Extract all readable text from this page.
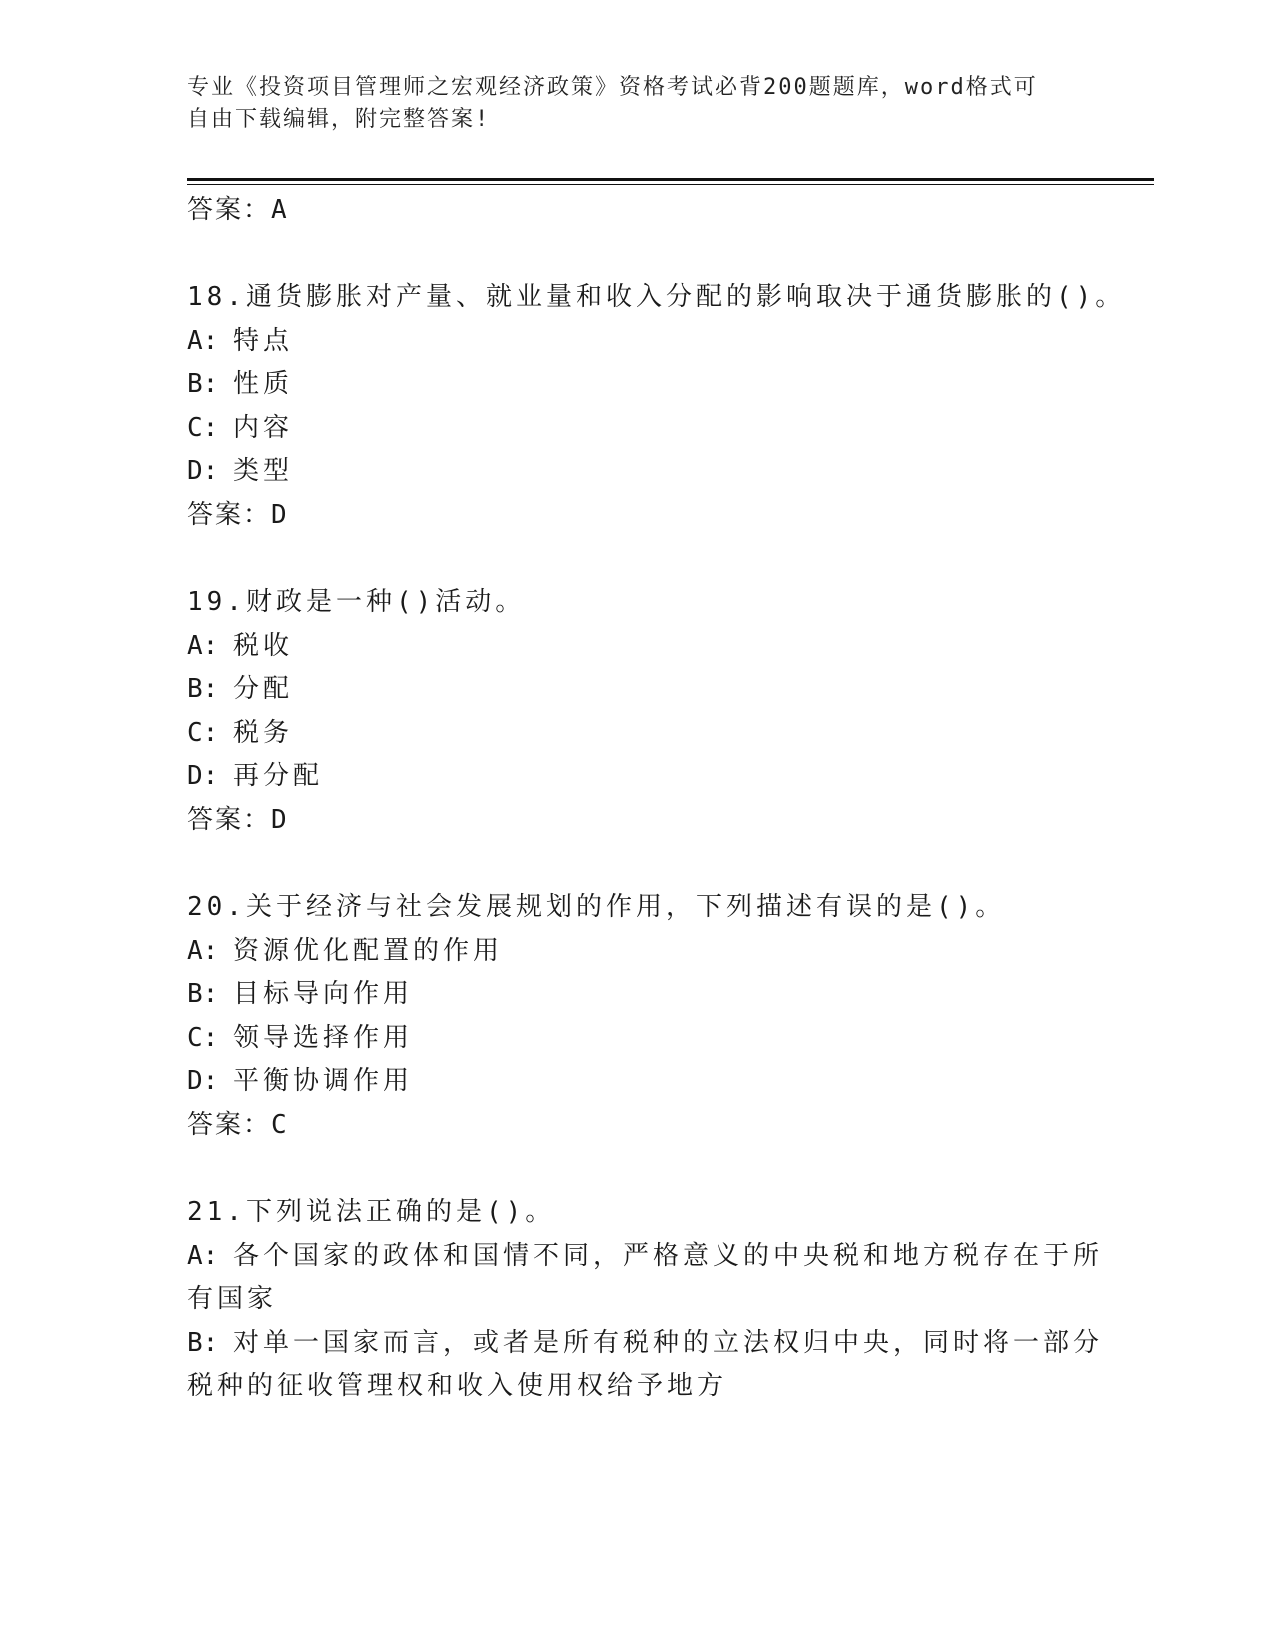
专业《投资项目管理师之宏观经济政策》资格考试必背200题题库，word格式可
自由下载编辑，附完整答案!
答案：A
18.通货膨胀对产量、就业量和收入分配的影响取决于通货膨胀的()。
A: 特点
B: 性质
C: 内容
D: 类型
答案：D
19.财政是一种()活动。
A: 税收
B: 分配
C: 税务
D: 再分配
答案：D
20.关于经济与社会发展规划的作用，下列描述有误的是()。
A: 资源优化配置的作用
B: 目标导向作用
C: 领导选择作用
D: 平衡协调作用
答案：C
21.下列说法正确的是()。
A: 各个国家的政体和国情不同，严格意义的中央税和地方税存在于所
有国家
B: 对单一国家而言，或者是所有税种的立法权归中央，同时将一部分
税种的征收管理权和收入使用权给予地方
